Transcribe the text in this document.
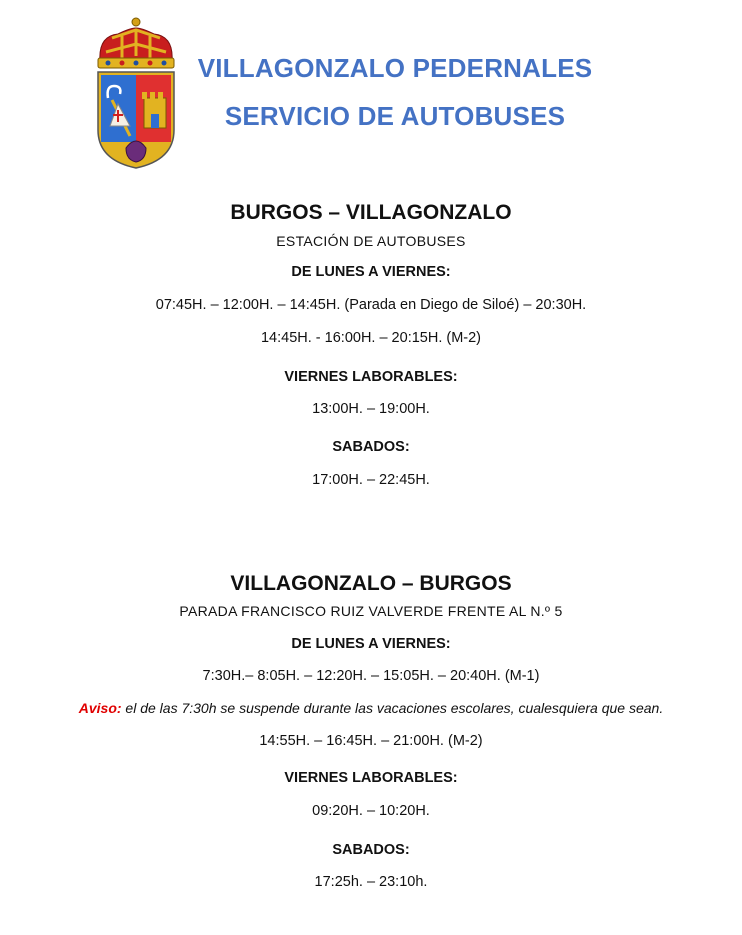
VILLAGONZALO PEDERNALES
SERVICIO DE AUTOBUSES
BURGOS – VILLAGONZALO
ESTACIÓN DE AUTOBUSES
DE LUNES A VIERNES:
07:45H. – 12:00H. – 14:45H. (Parada en Diego de Siloé) – 20:30H.
14:45H. - 16:00H. – 20:15H. (M-2)
VIERNES LABORABLES:
13:00H. – 19:00H.
SABADOS:
17:00H. – 22:45H.
VILLAGONZALO – BURGOS
PARADA FRANCISCO RUIZ VALVERDE FRENTE AL N.º 5
DE LUNES A VIERNES:
7:30H.– 8:05H. – 12:20H. – 15:05H. – 20:40H. (M-1)
Aviso: el de las 7:30h se suspende durante las vacaciones escolares, cualesquiera que sean.
14:55H. – 16:45H. – 21:00H. (M-2)
VIERNES LABORABLES:
09:20H. – 10:20H.
SABADOS:
17:25h. – 23:10h.
